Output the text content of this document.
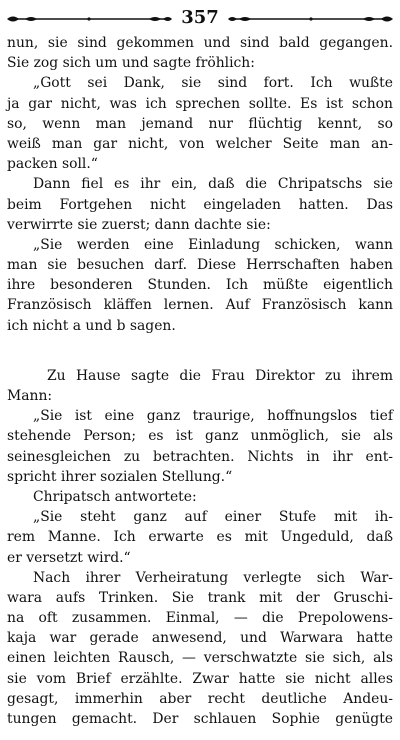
357
nun, sie sind gekommen und sind bald gegangen.
Sie zog sich um und sagte fröhlich:
„Gott sei Dank, sie sind fort. Ich wußte
ja gar nicht, was ich sprechen sollte. Es ist schon
so, wenn man jemand nur flüchtig kennt, so
weiß man gar nicht, von welcher Seite man an-
packen soll.“
Dann fiel es ihr ein, daß die Chripatschs sie
beim Fortgehen nicht eingeladen hatten. Das
verwirrte sie zuerst; dann dachte sie:
„Sie werden eine Einladung schicken, wann
man sie besuchen darf. Diese Herrschaften haben
ihre besonderen Stunden. Ich müßte eigentlich
Französisch kläffen lernen. Auf Französisch kann
ich nicht a und b sagen.
Zu Hause sagte die Frau Direktor zu ihrem
Mann:
„Sie ist eine ganz traurige, hoffnungslos tief
stehende Person; es ist ganz unmöglich, sie als
seinesgleichen zu betrachten. Nichts in ihr ent-
spricht ihrer sozialen Stellung.“
Chripatsch antwortete:
„Sie steht ganz auf einer Stufe mit ih-
rem Manne. Ich erwarte es mit Ungeduld, daß
er versetzt wird.“
Nach ihrer Verheiratung verlegte sich War-
wara aufs Trinken. Sie trank mit der Gruschi-
na oft zusammen. Einmal, — die Prepolowens-
kaja war gerade anwesend, und Warwara hatte
einen leichten Rausch, — verschwatzte sie sich, als
sie vom Brief erzählte. Zwar hatte sie nicht alles
gesagt, immerhin aber recht deutliche Andeu-
tungen gemacht. Der schlauen Sophie genügte
